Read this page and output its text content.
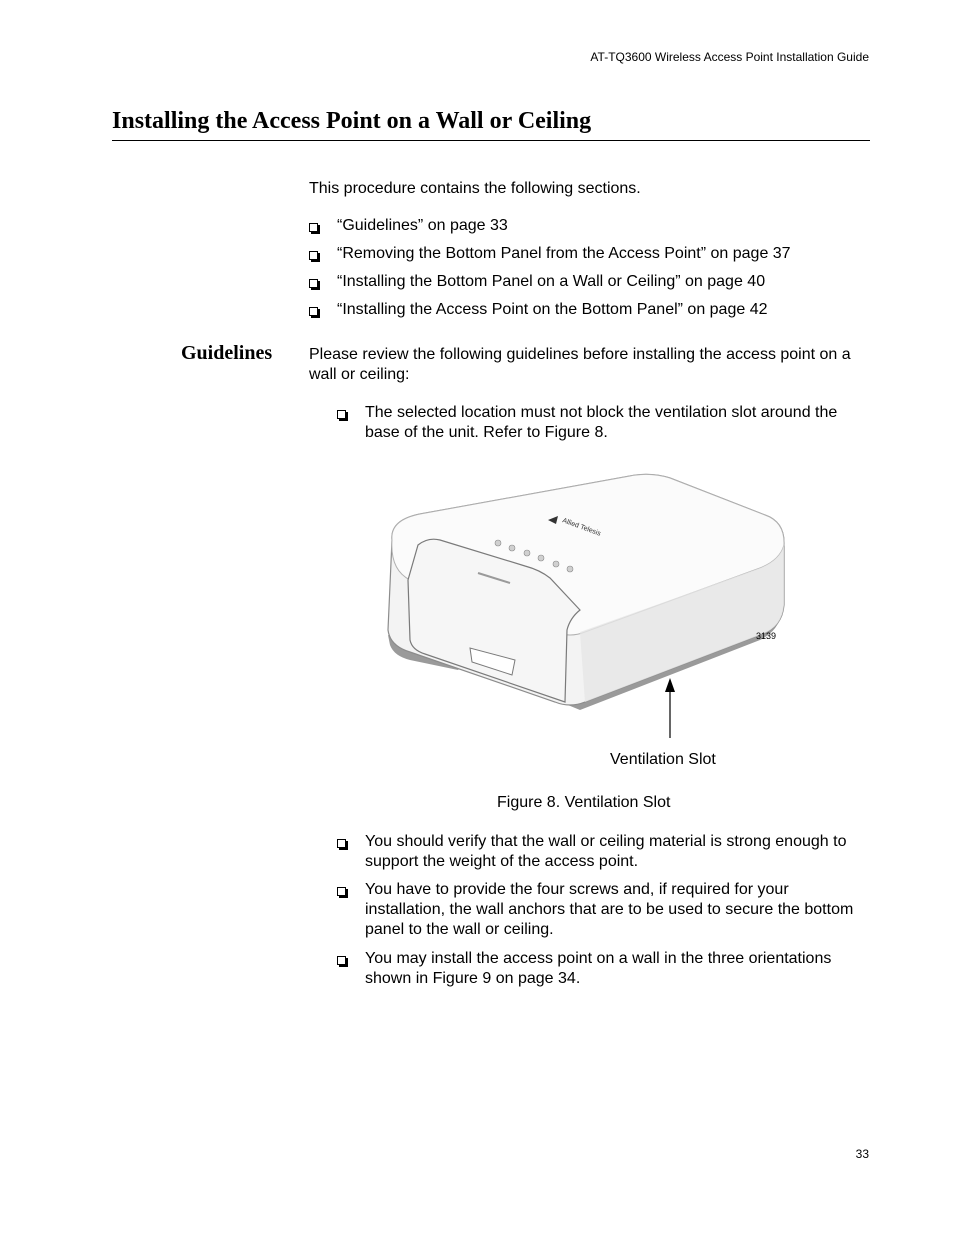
AT-TQ3600 Wireless Access Point Installation Guide
Installing the Access Point on a Wall or Ceiling
This procedure contains the following sections.
“Guidelines” on page 33
“Removing the Bottom Panel from the Access Point” on page 37
“Installing the Bottom Panel on a Wall or Ceiling” on page 40
“Installing the Access Point on the Bottom Panel” on page 42
Guidelines Please review the following guidelines before installing the access point on a wall or ceiling:
The selected location must not block the ventilation slot around the base of the unit. Refer to Figure 8.
Allied Telesis
3139
Ventilation Slot
Figure 8. Ventilation Slot
You should verify that the wall or ceiling material is strong enough to support the weight of the access point.
You have to provide the four screws and, if required for your installation, the wall anchors that are to be used to secure the bottom panel to the wall or ceiling.
You may install the access point on a wall in the three orientations shown in Figure 9 on page 34.
33
